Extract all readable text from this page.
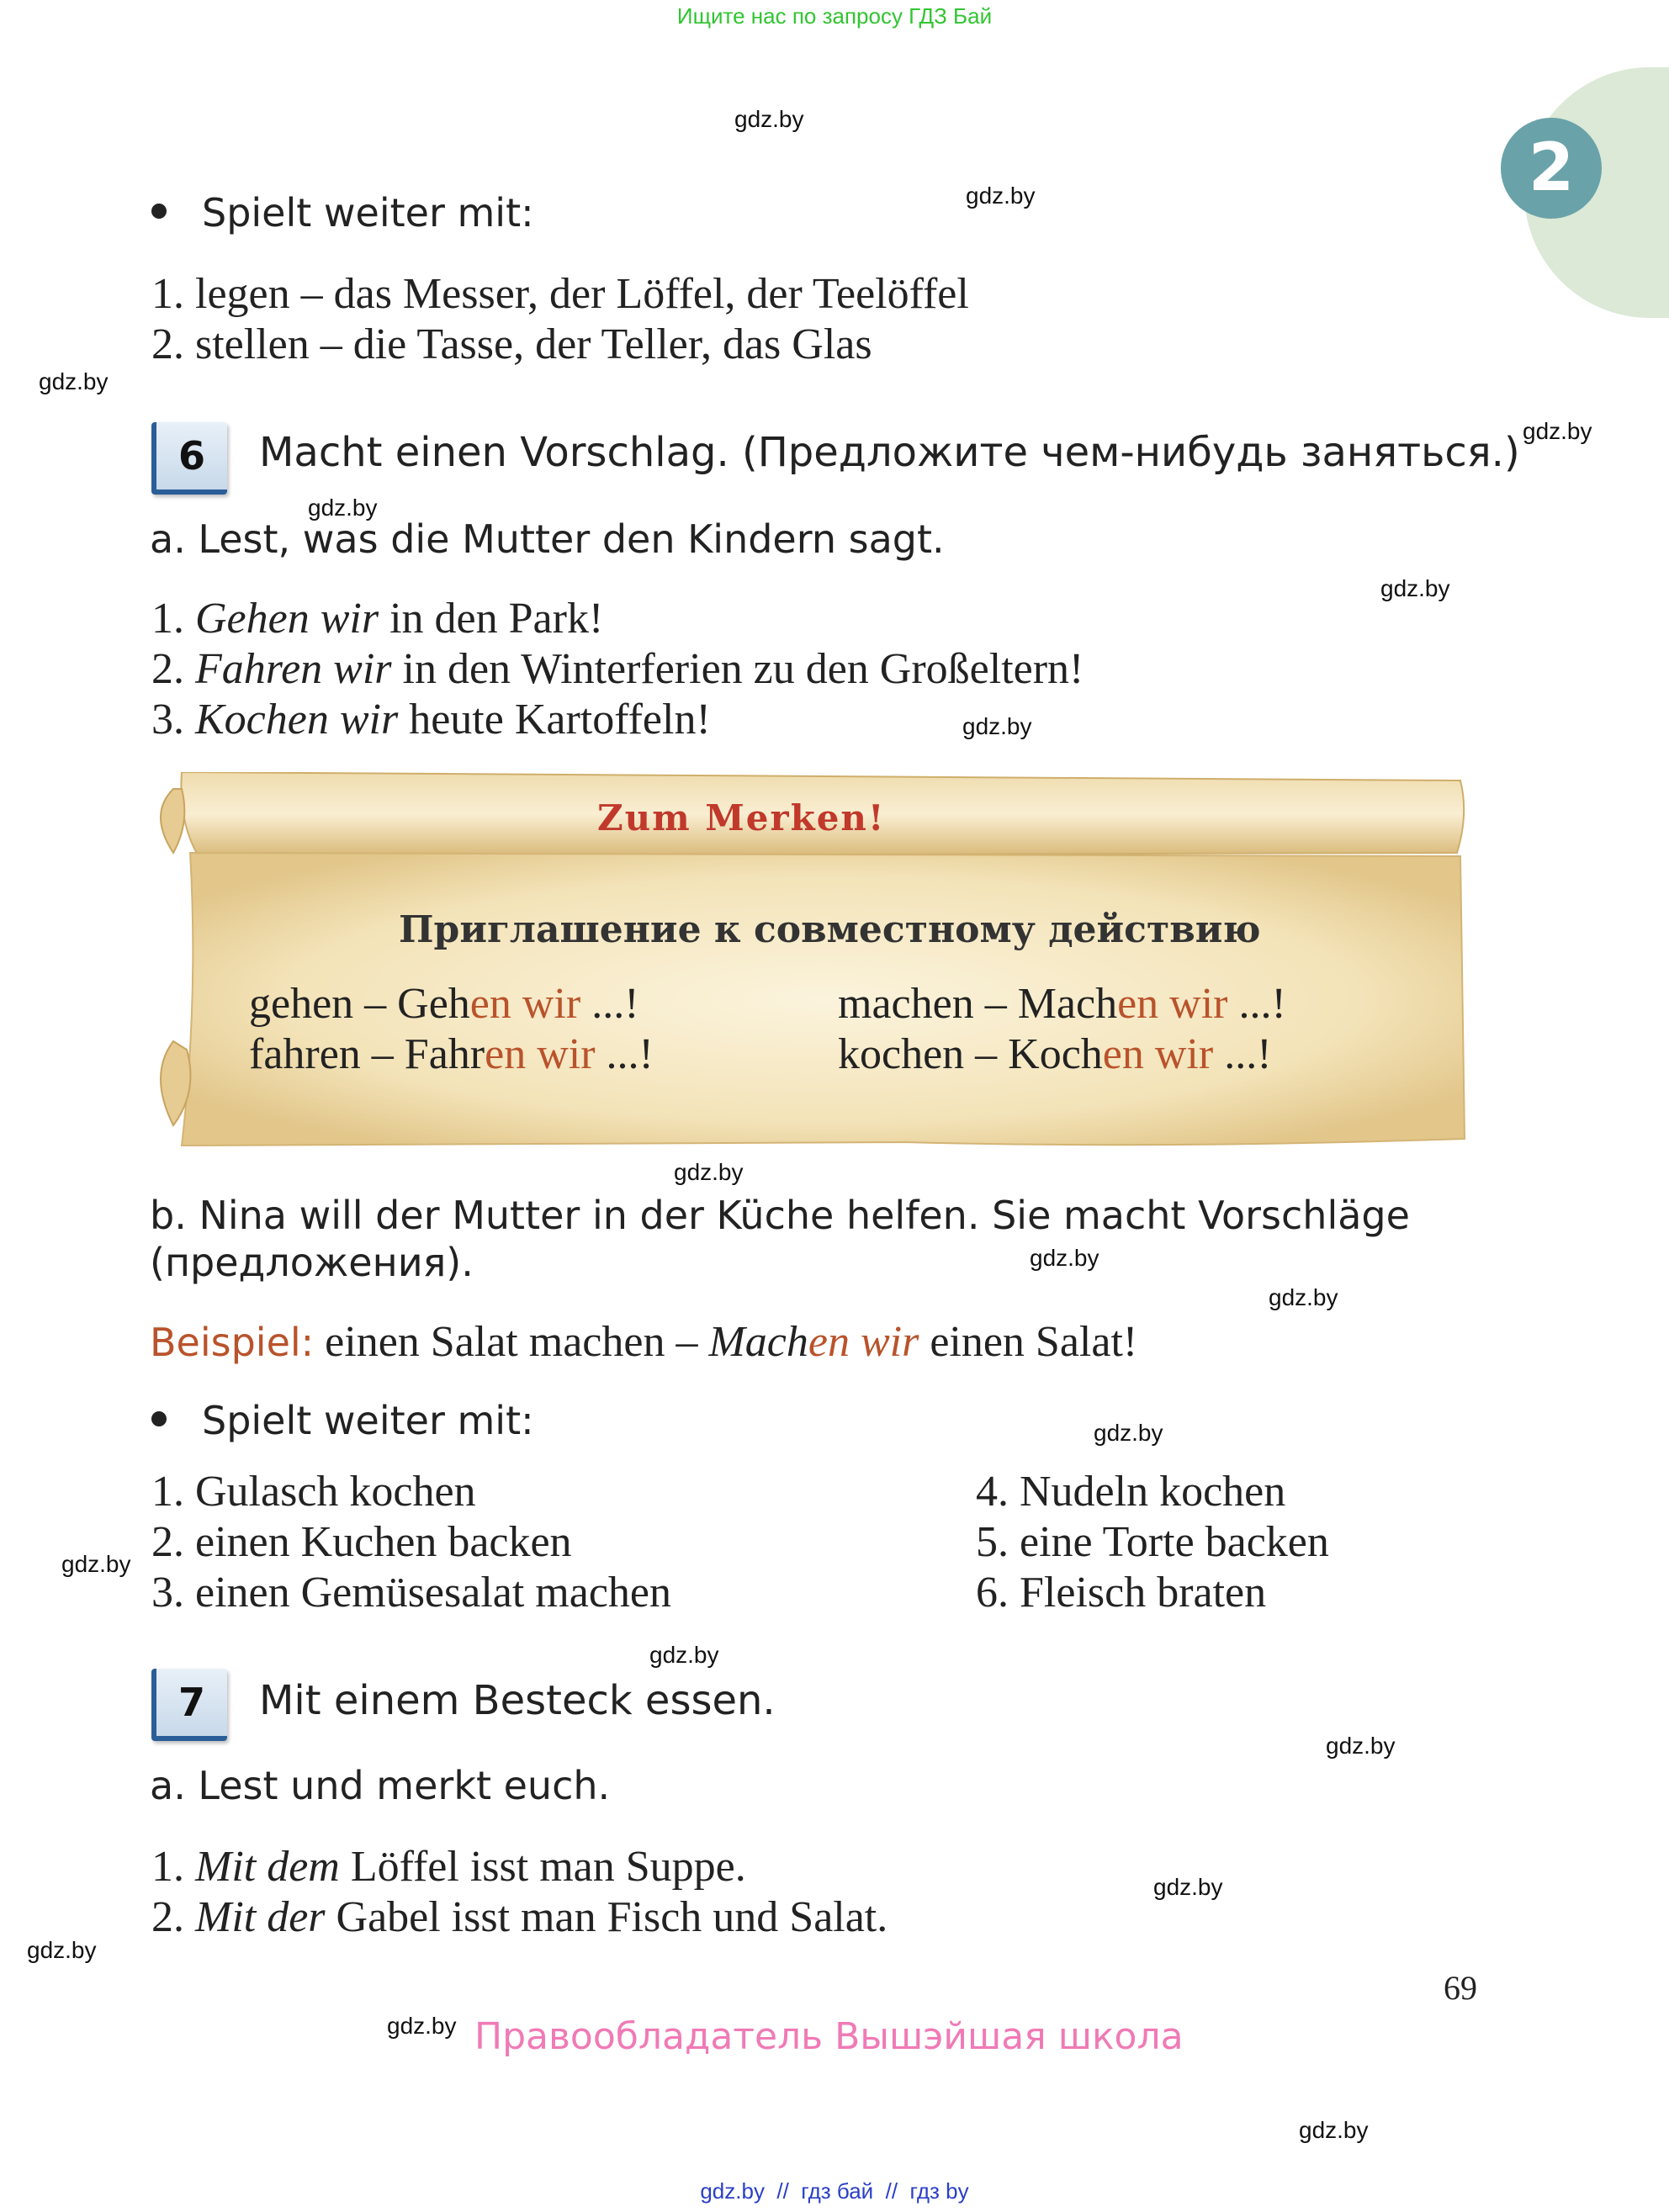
Ищите нас по запросу ГДЗ Бай
2
gdz.by
gdz.by
gdz.by
gdz.by
gdz.by
gdz.by
gdz.by
gdz.by
gdz.by
gdz.by
gdz.by
gdz.by
gdz.by
gdz.by
gdz.by
gdz.by
gdz.by
gdz.by
Spielt weiter mit:
1. legen – das Messer, der Löffel, der Teelöffel
2. stellen – die Tasse, der Teller, das Glas
6	Macht einen Vorschlag. (Предложите чем-нибудь заняться.)
a. Lest, was die Mutter den Kindern sagt.
1. Gehen wir in den Park!
2. Fahren wir in den Winterferien zu den Großeltern!
3. Kochen wir heute Kartoffeln!
Zum Merken!
Приглашение к совместному действию
gehen – Gehen wir ...!	machen – Machen wir ...!
fahren – Fahren wir ...!	kochen – Kochen wir ...!
b. Nina will der Mutter in der Küche helfen. Sie macht Vorschläge
(предложения).
Beispiel: einen Salat machen – Machen wir einen Salat!
Spielt weiter mit:
1. Gulasch kochen
2. einen Kuchen backen
3. einen Gemüsesalat machen
4. Nudeln kochen
5. eine Torte backen
6. Fleisch braten
7	Mit einem Besteck essen.
a. Lest und merkt euch.
1. Mit dem Löffel isst man Suppe.
2. Mit der Gabel isst man Fisch und Salat.
69
Правообладатель Вышэйшая школа
gdz.by  //  гдз бай  //  гдз by
